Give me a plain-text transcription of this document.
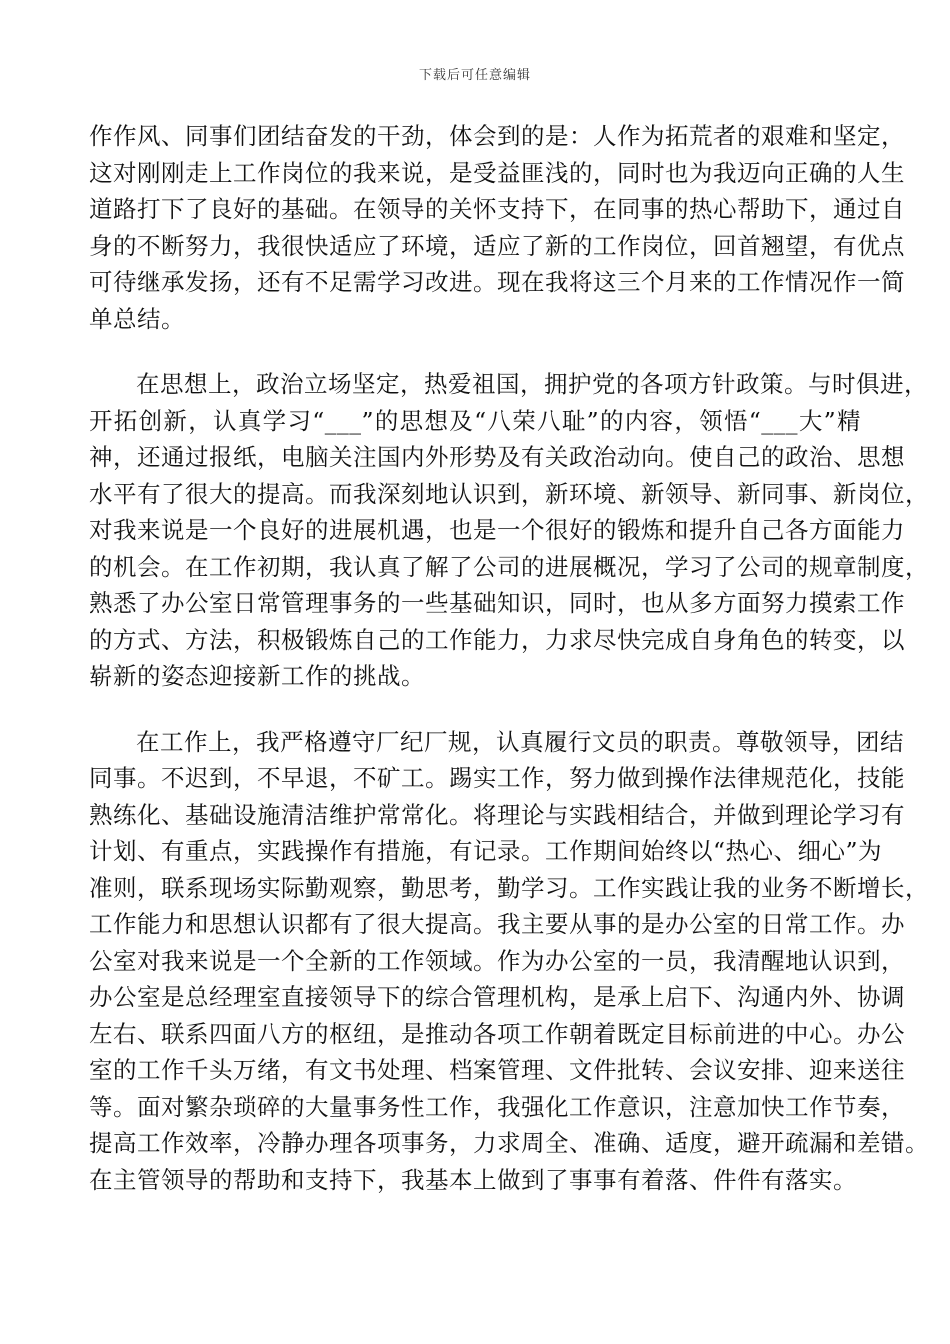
下载后可任意编辑

作作风、同事们团结奋发的干劲，体会到的是：人作为拓荒者的艰难和坚定，
这对刚刚走上工作岗位的我来说，是受益匪浅的，同时也为我迈向正确的人生
道路打下了良好的基础。在领导的关怀支持下，在同事的热心帮助下，通过自
身的不断努力，我很快适应了环境，适应了新的工作岗位，回首翘望，有优点
可待继承发扬，还有不足需学习改进。现在我将这三个月来的工作情况作一简
单总结。

在思想上，政治立场坚定，热爱祖国，拥护党的各项方针政策。与时俱进，
开拓创新，认真学习“___”的思想及“八荣八耻”的内容，领悟“___大”精
神，还通过报纸，电脑关注国内外形势及有关政治动向。使自己的政治、思想
水平有了很大的提高。而我深刻地认识到，新环境、新领导、新同事、新岗位，
对我来说是一个良好的进展机遇，也是一个很好的锻炼和提升自己各方面能力
的机会。在工作初期，我认真了解了公司的进展概况，学习了公司的规章制度，
熟悉了办公室日常管理事务的一些基础知识，同时，也从多方面努力摸索工作
的方式、方法，积极锻炼自己的工作能力，力求尽快完成自身角色的转变，以
崭新的姿态迎接新工作的挑战。

在工作上，我严格遵守厂纪厂规，认真履行文员的职责。尊敬领导，团结
同事。不迟到，不早退，不矿工。踢实工作，努力做到操作法律规范化，技能
熟练化、基础设施清洁维护常常化。将理论与实践相结合，并做到理论学习有
计划、有重点，实践操作有措施，有记录。工作期间始终以“热心、细心”为
准则，联系现场实际勤观察，勤思考，勤学习。工作实践让我的业务不断增长，
工作能力和思想认识都有了很大提高。我主要从事的是办公室的日常工作。办
公室对我来说是一个全新的工作领域。作为办公室的一员，我清醒地认识到，
办公室是总经理室直接领导下的综合管理机构，是承上启下、沟通内外、协调
左右、联系四面八方的枢纽，是推动各项工作朝着既定目标前进的中心。办公
室的工作千头万绪，有文书处理、档案管理、文件批转、会议安排、迎来送往
等。面对繁杂琐碎的大量事务性工作，我强化工作意识，注意加快工作节奏，
提高工作效率，冷静办理各项事务，力求周全、准确、适度，避开疏漏和差错。
在主管领导的帮助和支持下，我基本上做到了事事有着落、件件有落实。
